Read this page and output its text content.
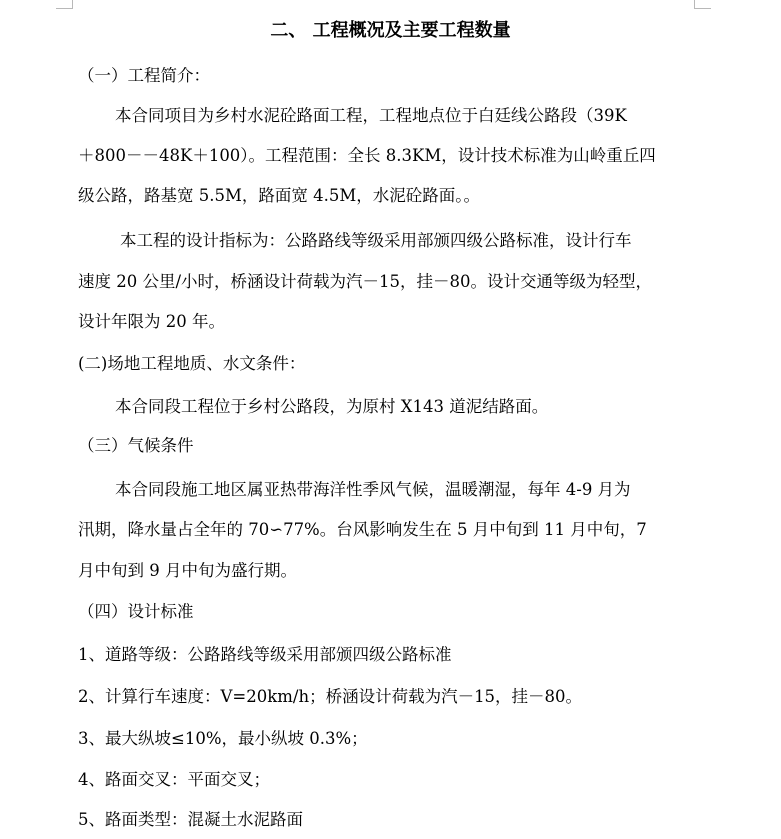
二、 工程概况及主要工程数量
（一）工程简介：
本合同项目为乡村水泥砼路面工程，工程地点位于白廷线公路段（39K
＋800－－48K＋100）。工程范围：全长 8.3KM，设计技术标准为山岭重丘四
级公路，路基宽 5.5M，路面宽 4.5M，水泥砼路面。。
本工程的设计指标为：公路路线等级采用部颁四级公路标准，设计行车
速度 20 公里/小时，桥涵设计荷载为汽－15，挂－80。设计交通等级为轻型，
设计年限为 20 年。
(二)场地工程地质、水文条件：
本合同段工程位于乡村公路段，为原村 X143 道泥结路面。
（三）气候条件
本合同段施工地区属亚热带海洋性季风气候，温暖潮湿，每年 4-9 月为
汛期，降水量占全年的 70∽77%。台风影响发生在 5 月中旬到 11 月中旬，7
月中旬到 9 月中旬为盛行期。
（四）设计标准
1、道路等级：公路路线等级采用部颁四级公路标准
2、计算行车速度：V=20km/h；桥涵设计荷载为汽－15，挂－80。
3、最大纵坡≤10%，最小纵坡 0.3%；
4、路面交叉：平面交叉；
5、路面类型：混凝土水泥路面
